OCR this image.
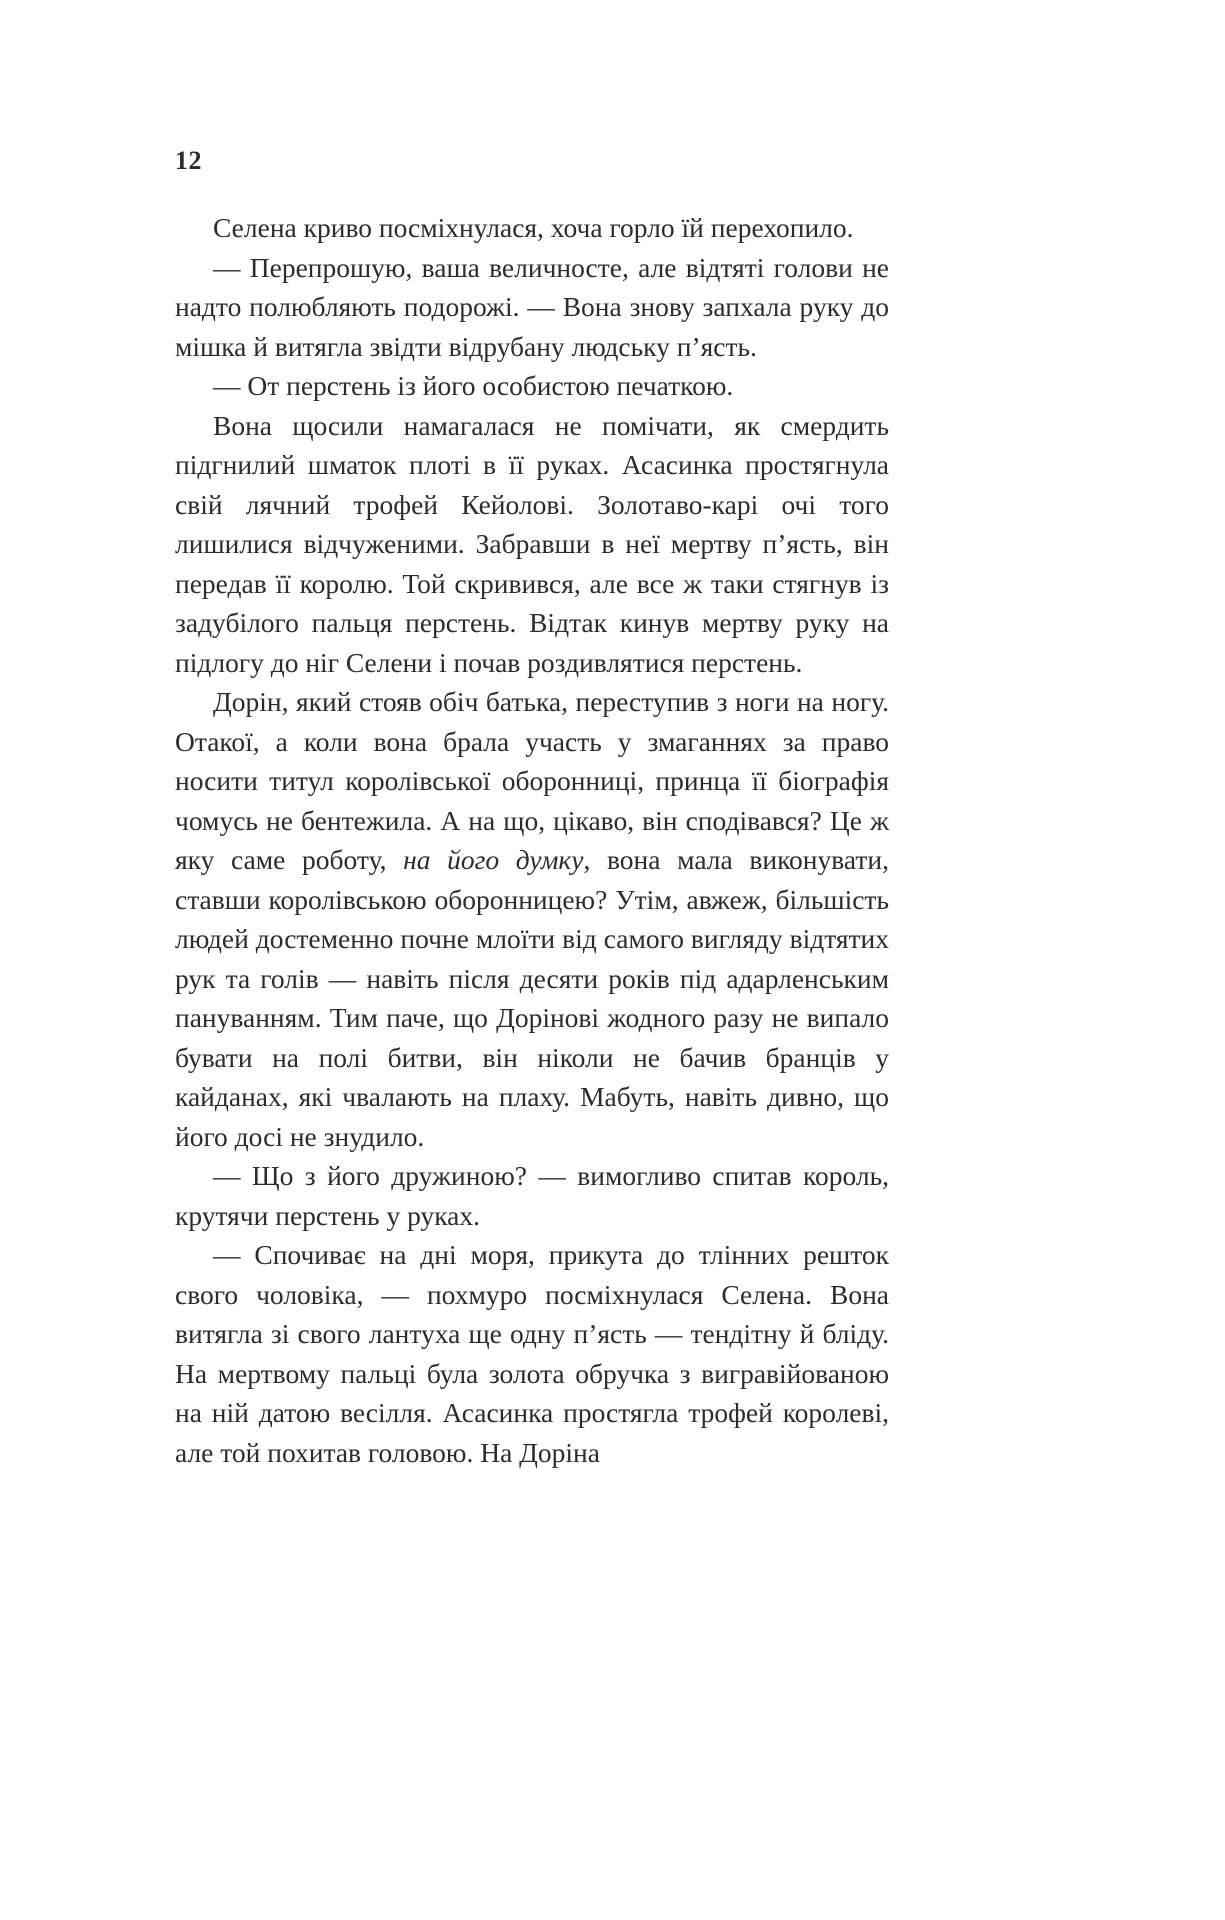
12

Селена криво посміхнулася, хоча горло їй перехопило.

— Перепрошую, ваша величносте, але відтяті голови не надто полюбляють подорожі. — Вона знову запхала руку до мішка й витягла звідти відрубану людську п’ясть.

— От перстень із його особистою печаткою.

Вона щосили намагалася не помічати, як смердить підгнилий шматок плоті в її руках. Асасинка простягнула свій лячний трофей Кейолові. Золотаво-карі очі того лишилися відчуженими. Забравши в неї мертву п’ясть, він передав її королю. Той скривився, але все ж таки стягнув із задубілого пальця перстень. Відтак кинув мертву руку на підлогу до ніг Селени і почав роздивлятися перстень.

Дорін, який стояв обіч батька, переступив з ноги на ногу. Отакої, а коли вона брала участь у змаганнях за право носити титул королівської оборонниці, принца її біографія чомусь не бентежила. А на що, цікаво, він сподівався? Це ж яку саме роботу, на його думку, вона мала виконувати, ставши королівською оборонницею? Утім, авжеж, більшість людей достеменно почне млоїти від самого вигляду відтятих рук та голів — навіть після десяти років під адарленським пануванням. Тим паче, що Дорінові жодного разу не випало бувати на полі битви, він ніколи не бачив бранців у кайданах, які чвалають на плаху. Мабуть, навіть дивно, що його досі не знудило.

— Що з його дружиною? — вимогливо спитав король, крутячи перстень у руках.

— Спочиває на дні моря, прикута до тлінних решток свого чоловіка, — похмуро посміхнулася Селена. Вона витягла зі свого лантуха ще одну п’ясть — тендітну й бліду. На мертвому пальці була золота обручка з вигравійованою на ній датою весілля. Асасинка простягла трофей королеві, але той похитав головою. На Доріна
